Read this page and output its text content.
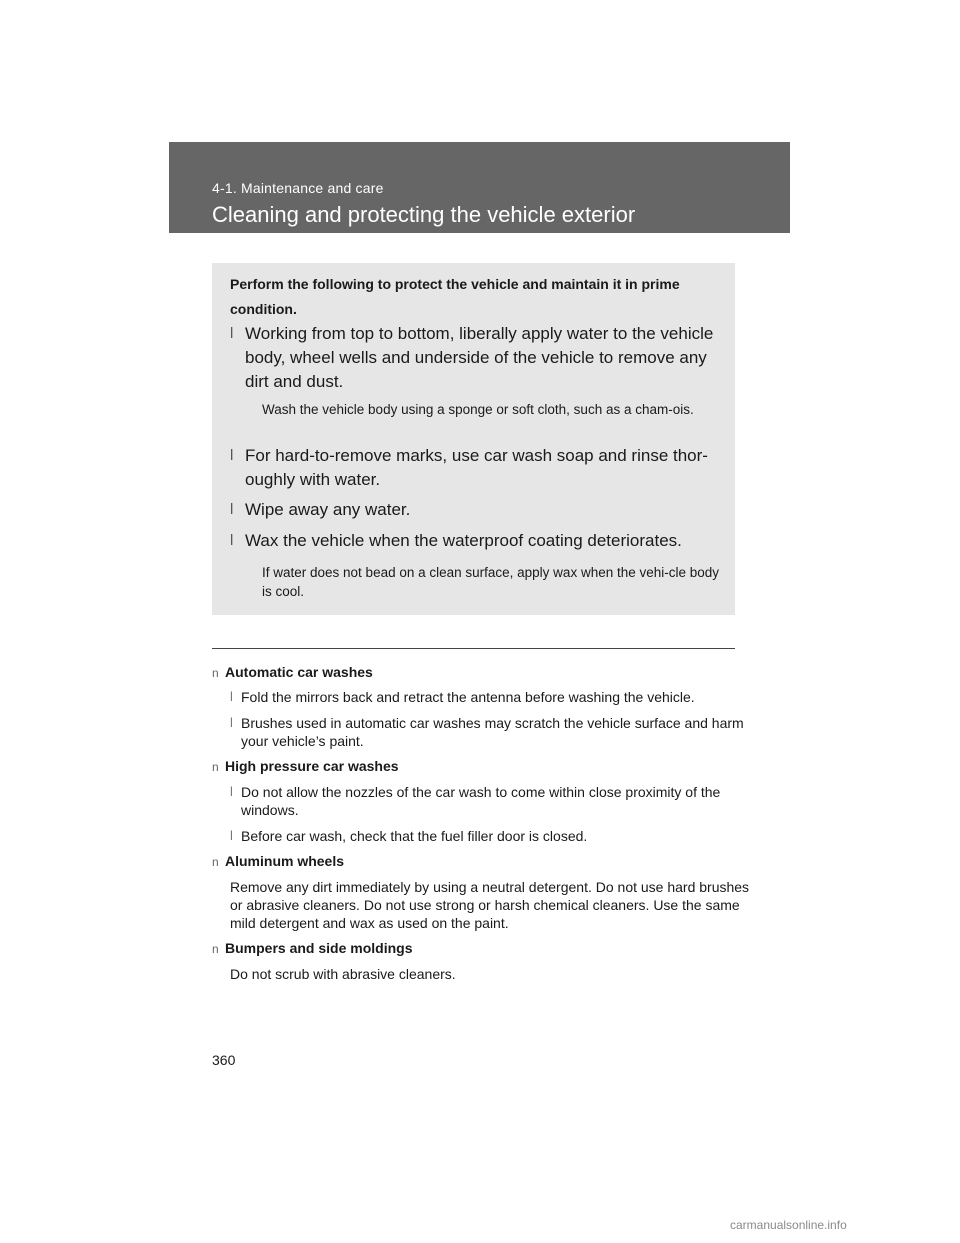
4-1. Maintenance and care
Cleaning and protecting the vehicle exterior
Perform the following to protect the vehicle and maintain it in prime condition.
l Working from top to bottom, liberally apply water to the vehicle body, wheel wells and underside of the vehicle to remove any dirt and dust.
Wash the vehicle body using a sponge or soft cloth, such as a cham-ois.
l For hard-to-remove marks, use car wash soap and rinse thor-oughly with water.
l Wipe away any water.
l Wax the vehicle when the waterproof coating deteriorates.
If water does not bead on a clean surface, apply wax when the vehi-cle body is cool.
n Automatic car washes
l Fold the mirrors back and retract the antenna before washing the vehicle.
l Brushes used in automatic car washes may scratch the vehicle surface and harm your vehicle’s paint.
n High pressure car washes
l Do not allow the nozzles of the car wash to come within close proximity of the windows.
l Before car wash, check that the fuel filler door is closed.
n Aluminum wheels
Remove any dirt immediately by using a neutral detergent. Do not use hard brushes or abrasive cleaners. Do not use strong or harsh chemical cleaners. Use the same mild detergent and wax as used on the paint.
n Bumpers and side moldings
Do not scrub with abrasive cleaners.
360
carmanualsonline.info
